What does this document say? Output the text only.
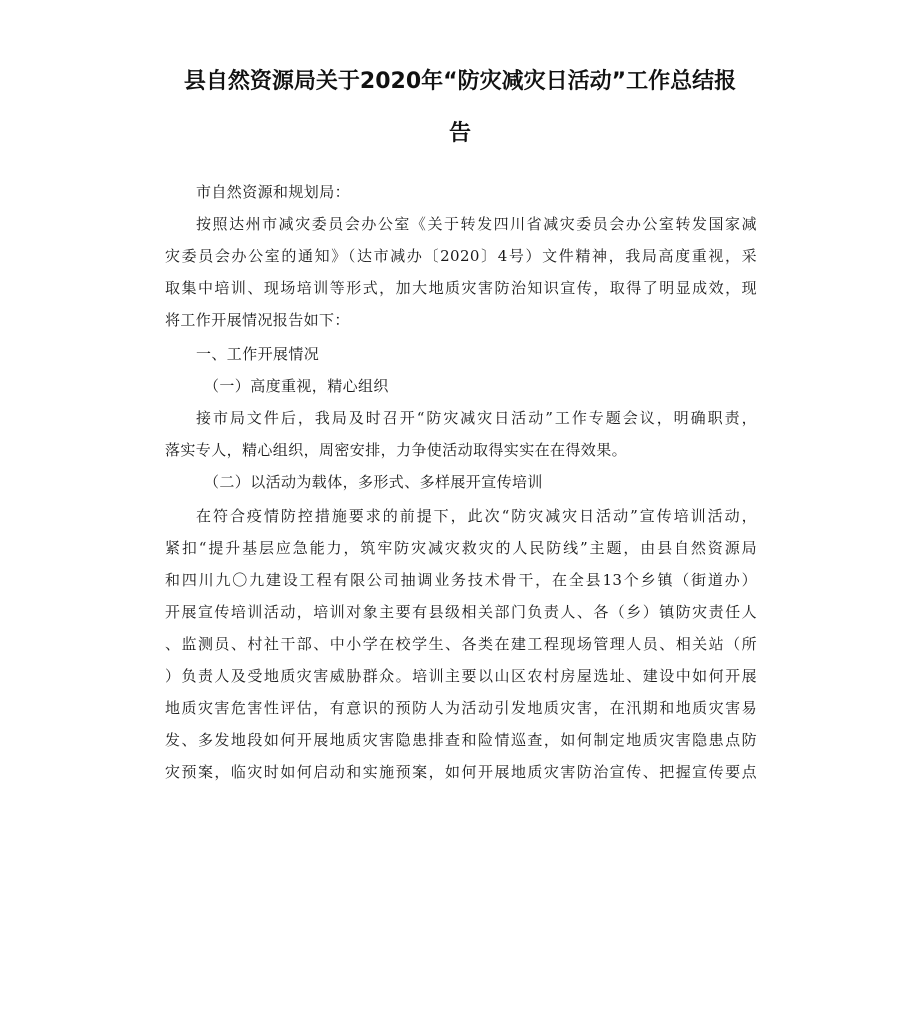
县自然资源局关于2020年“防灾减灾日活动”工作总结报
告

市自然资源和规划局：

按照达州市减灾委员会办公室《关于转发四川省减灾委员会办公室转发国家减

灾委员会办公室的通知》（达市减办〔2020〕4号）文件精神，我局高度重视，采

取集中培训、现场培训等形式，加大地质灾害防治知识宣传，取得了明显成效，现

将工作开展情况报告如下：

一、工作开展情况

（一）高度重视，精心组织

接市局文件后，我局及时召开“防灾减灾日活动”工作专题会议，明确职责，

落实专人，精心组织，周密安排，力争使活动取得实实在在得效果。

（二）以活动为载体，多形式、多样展开宣传培训

在符合疫情防控措施要求的前提下，此次“防灾减灾日活动”宣传培训活动，

紧扣“提升基层应急能力，筑牢防灾减灾救灾的人民防线”主题，由县自然资源局

和四川九〇九建设工程有限公司抽调业务技术骨干，在全县13个乡镇（街道办）

开展宣传培训活动，培训对象主要有县级相关部门负责人、各（乡）镇防灾责任人

、监测员、村社干部、中小学在校学生、各类在建工程现场管理人员、相关站（所

）负责人及受地质灾害威胁群众。培训主要以山区农村房屋选址、建设中如何开展

地质灾害危害性评估，有意识的预防人为活动引发地质灾害，在汛期和地质灾害易

发、多发地段如何开展地质灾害隐患排查和险情巡查，如何制定地质灾害隐患点防

灾预案，临灾时如何启动和实施预案，如何开展地质灾害防治宣传、把握宣传要点
